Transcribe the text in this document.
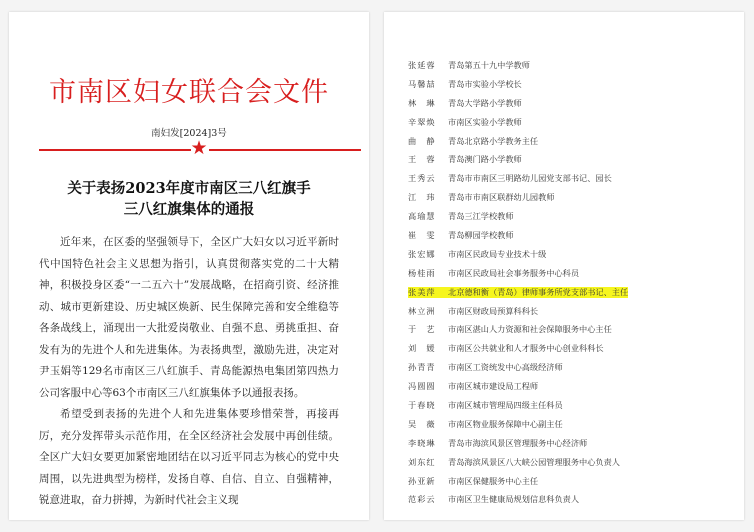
市南区妇女联合会文件
南妇发[2024]3号
★
关于表扬2023年度市南区三八红旗手
三八红旗集体的通报

近年来，在区委的坚强领导下，全区广大妇女以习近平新时代中国特色社会主义思想为指引，认真贯彻落实党的二十大精神，积极投身区委“一二五六十”发展战略，在招商引资、经济推动、城市更新建设、历史城区焕新、民生保障完善和安全维稳等各条战线上，涌现出一大批爱岗敬业、自强不息、勇挑重担、奋发有为的先进个人和先进集体。为表扬典型，激励先进，决定对尹玉娟等129名市南区三八红旗手、青岛能源热电集团第四热力公司客服中心等63个市南区三八红旗集体予以通报表扬。

希望受到表扬的先进个人和先进集体要珍惜荣誉，再接再厉，充分发挥带头示范作用，在全区经济社会发展中再创佳绩。全区广大妇女要更加紧密地团结在以习近平同志为核心的党中央周围，以先进典型为榜样，发扬自尊、自信、自立、自强精神，锐意进取，奋力拼搏，为新时代社会主义现

张延蓉	青岛第五十九中学教师
马馨喆	青岛市实验小学校长
林　琳	青岛大学路小学教师
辛翠焕	市南区实验小学教师
曲　静	青岛北京路小学教务主任
王　蓉	青岛澳门路小学教师
王秀云	青岛市市南区三明路幼儿园党支部书记、园长
江　玮	青岛市市南区联群幼儿园教师
高瑜慧	青岛三江学校教师
崔　雯	青岛柳园学校教师
张宏娜	市南区民政局专业技术十级
杨桂雨	市南区民政局社会事务服务中心科员
张美萍	北京德和衡（青岛）律师事务所党支部书记、主任
林立洲	市南区财政局预算科科长
于　艺	市南区湛山人力资源和社会保障服务中心主任
刘　媛	市南区公共就业和人才服务中心创业科科长
孙青青	市南区工资统发中心高级经济师
冯圆圆	市南区城市建设局工程师
于春晓	市南区城市管理局四级主任科员
吴　薇	市南区物业服务保障中心副主任
李晓琳	青岛市海滨风景区管理服务中心经济师
刘东红	青岛海滨风景区八大峡公园管理服务中心负责人
孙亚新	市南区保健服务中心主任
范彩云	市南区卫生健康局规划信息科负责人
